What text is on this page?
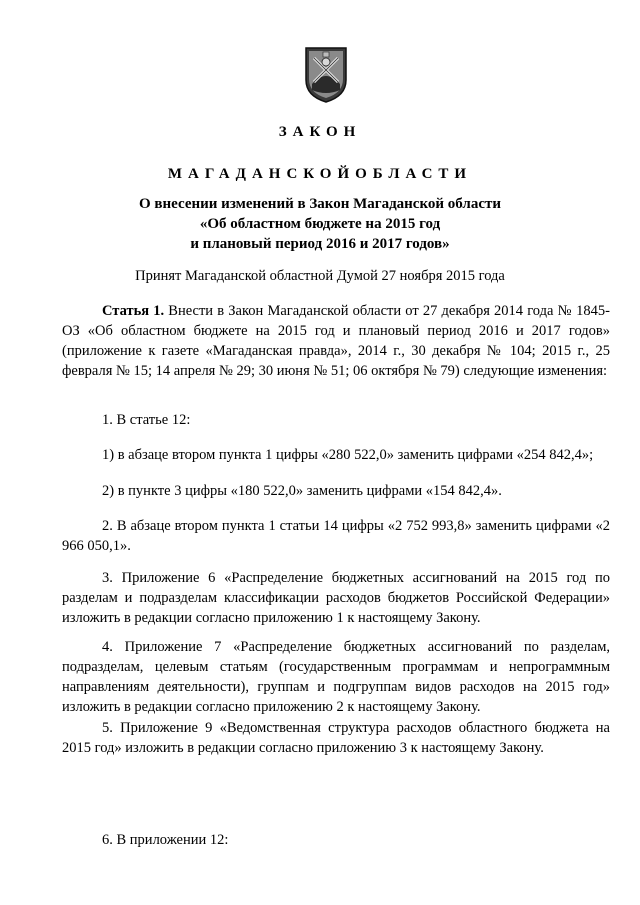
ЗАКОН
МАГАДАНСКОЙОБЛАСТИ
О внесении изменений в Закон Магаданской области
«Об областном бюджете на 2015 год
и плановый период 2016 и 2017 годов»
Принят Магаданской областной Думой 27 ноября 2015 года
Статья 1. Внести в Закон Магаданской области от 27 декабря 2014 года № 1845-ОЗ «Об областном бюджете на 2015 год и плановый период 2016 и 2017 годов» (приложение к газете «Магаданская правда», 2014 г., 30 декабря № 104; 2015 г., 25 февраля № 15; 14 апреля № 29; 30 июня № 51; 06 октября № 79) следующие изменения:
1. В статье 12:
1) в абзаце втором пункта 1 цифры «280 522,0» заменить цифрами «254 842,4»;
2) в пункте 3 цифры «180 522,0» заменить цифрами «154 842,4».
2. В абзаце втором пункта 1 статьи 14 цифры «2 752 993,8» заменить цифрами «2 966 050,1».
3. Приложение 6 «Распределение бюджетных ассигнований на 2015 год по разделам и подразделам классификации расходов бюджетов Российской Федерации» изложить в редакции согласно приложению 1 к настоящему Закону.
4. Приложение 7 «Распределение бюджетных ассигнований по разделам, подразделам, целевым статьям (государственным программам и непрограммным направлениям деятельности), группам и подгруппам видов расходов на 2015 год» изложить в редакции согласно приложению 2 к настоящему Закону.
5. Приложение 9 «Ведомственная структура расходов областного бюджета на 2015 год» изложить в редакции согласно приложению 3 к настоящему Закону.
6. В приложении 12:
